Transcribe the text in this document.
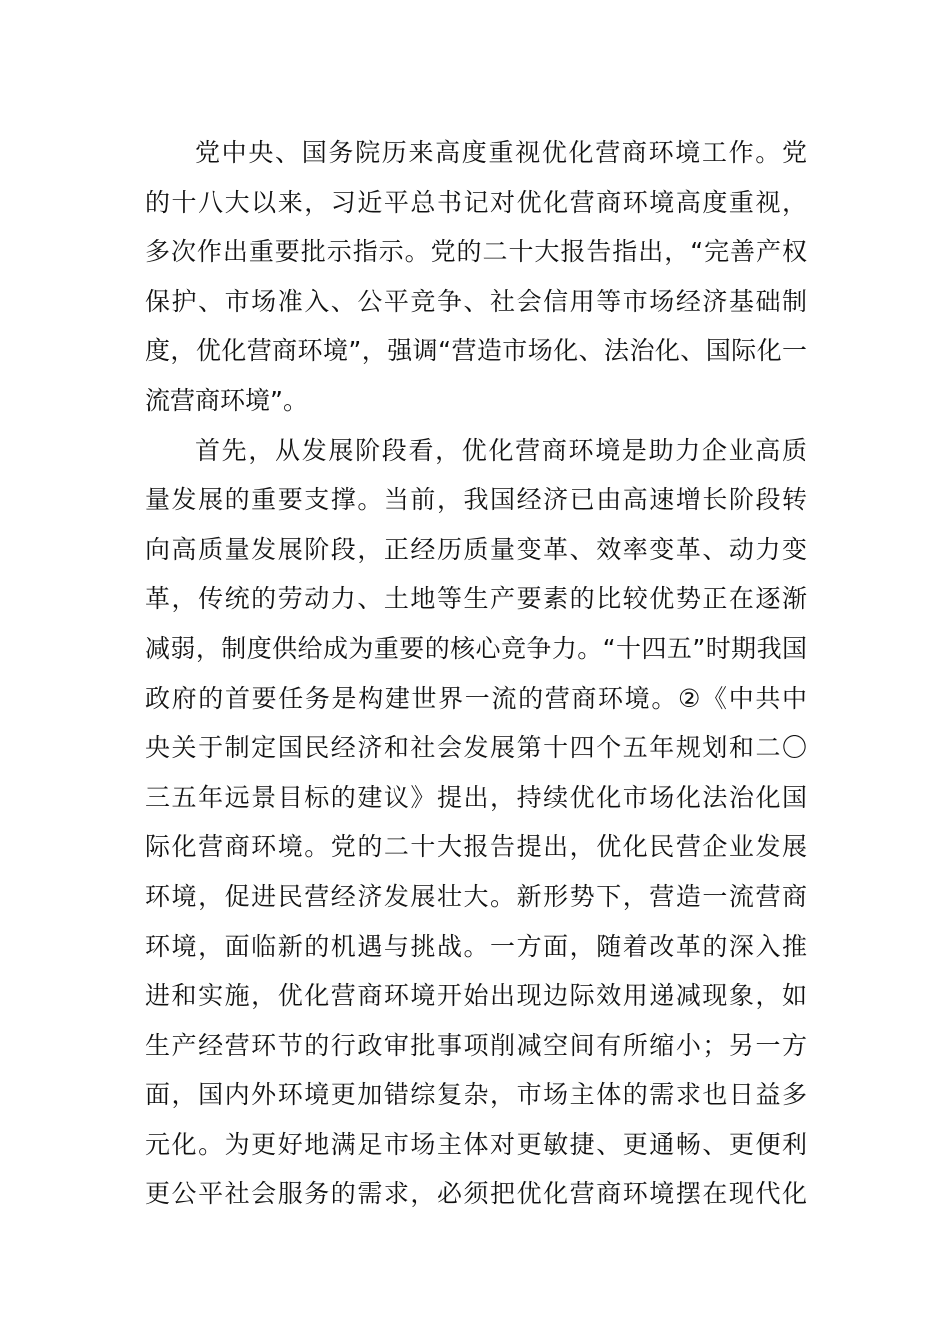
党中央、国务院历来高度重视优化营商环境工作。党
的十八大以来，习近平总书记对优化营商环境高度重视，
多次作出重要批示指示。党的二十大报告指出，“完善产权
保护、市场准入、公平竞争、社会信用等市场经济基础制
度，优化营商环境”，强调“营造市场化、法治化、国际化一
流营商环境”。
首先，从发展阶段看，优化营商环境是助力企业高质
量发展的重要支撑。当前，我国经济已由高速增长阶段转
向高质量发展阶段，正经历质量变革、效率变革、动力变
革，传统的劳动力、土地等生产要素的比较优势正在逐渐
减弱，制度供给成为重要的核心竞争力。“十四五”时期我国
政府的首要任务是构建世界一流的营商环境。②《中共中
央关于制定国民经济和社会发展第十四个五年规划和二〇
三五年远景目标的建议》提出，持续优化市场化法治化国
际化营商环境。党的二十大报告提出，优化民营企业发展
环境，促进民营经济发展壮大。新形势下，营造一流营商
环境，面临新的机遇与挑战。一方面，随着改革的深入推
进和实施，优化营商环境开始出现边际效用递减现象，如
生产经营环节的行政审批事项削减空间有所缩小；另一方
面，国内外环境更加错综复杂，市场主体的需求也日益多
元化。为更好地满足市场主体对更敏捷、更通畅、更便利
更公平社会服务的需求，必须把优化营商环境摆在现代化
